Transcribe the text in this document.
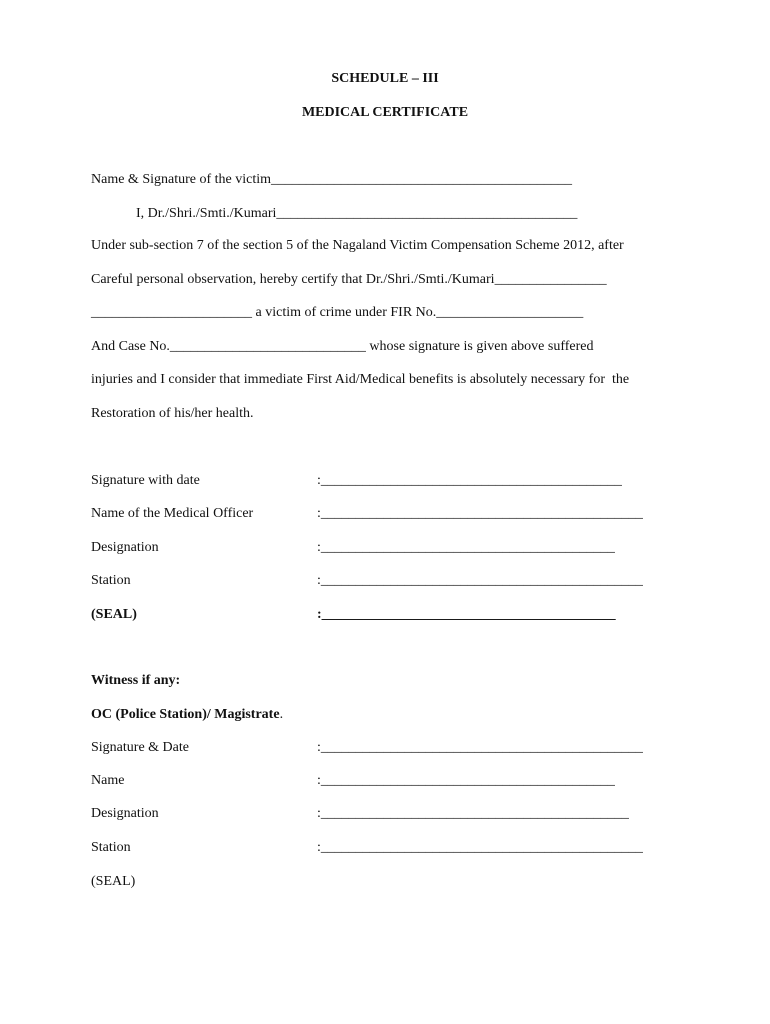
SCHEDULE – III

MEDICAL CERTIFICATE

Name & Signature of the victim___________________________________________

I, Dr./Shri./Smti./Kumari___________________________________________

Under sub-section 7 of the section 5 of the Nagaland Victim Compensation Scheme 2012, after

Careful personal observation, hereby certify that Dr./Shri./Smti./Kumari________________

_______________________ a victim of crime under FIR No._____________________

And Case No.____________________________ whose signature is given above suffered

injuries and I consider that immediate First Aid/Medical benefits is absolutely necessary for  the

Restoration of his/her health.

Signature with date	:___________________________________________

Name of the Medical Officer	:______________________________________________

Designation	:__________________________________________

Station	:______________________________________________

(SEAL)	:__________________________________________

Witness if any:

OC (Police Station)/ Magistrate.

Signature & Date	:______________________________________________

Name	:__________________________________________

Designation	:____________________________________________

Station	:______________________________________________

(SEAL)
